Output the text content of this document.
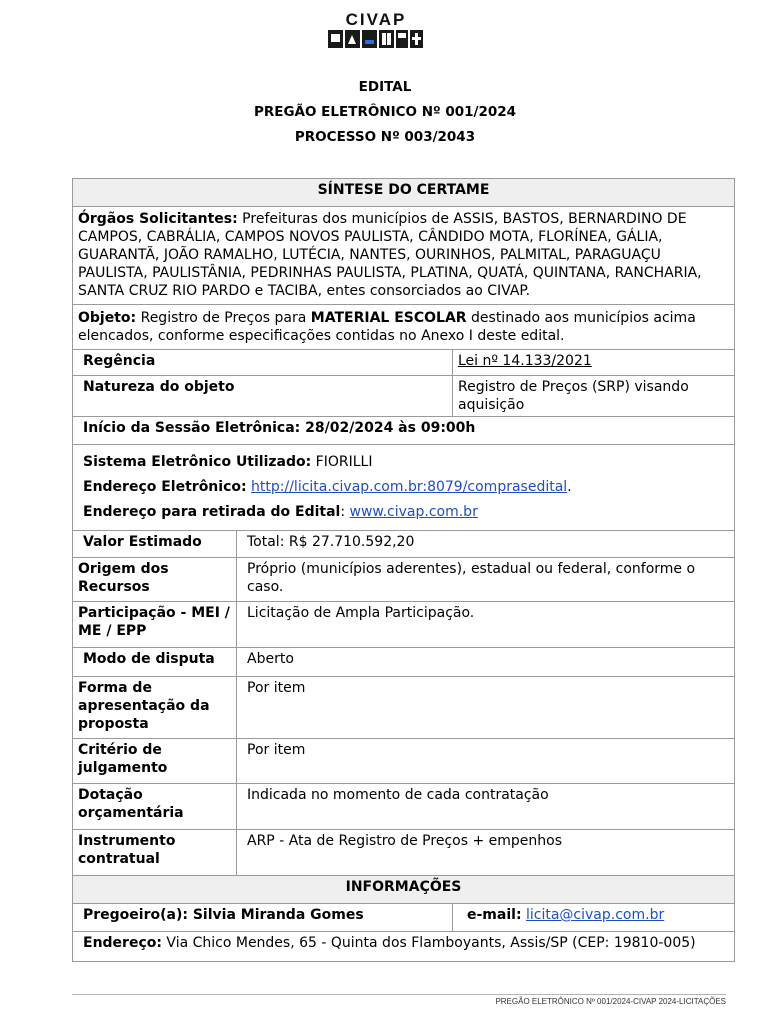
CIVAP
EDITAL
PREGÃO ELETRÔNICO Nº 001/2024
PROCESSO Nº 003/2043
SÍNTESE DO CERTAME		
Órgãos Solicitantes: Prefeituras dos municípios de ASSIS, BASTOS, BERNARDINO DE CAMPOS, CABRÁLIA, CAMPOS NOVOS PAULISTA, CÂNDIDO MOTA, FLORÍNEA, GÁLIA, GUARANTÃ, JOÃO RAMALHO, LUTÉCIA, NANTES, OURINHOS, PALMITAL, PARAGUAÇU PAULISTA, PAULISTÂNIA, PEDRINHAS PAULISTA, PLATINA, QUATÁ, QUINTANA, RANCHARIA, SANTA CRUZ RIO PARDO e TACIBA, entes consorciados ao CIVAP.		
Objeto: Registro de Preços para MATERIAL ESCOLAR destinado aos municípios acima elencados, conforme especificações contidas no Anexo I deste edital.		
Regência		Lei nº 14.133/2021
Natureza do objeto		Registro de Preços (SRP) visando aquisição
Início da Sessão Eletrônica: 28/02/2024 às 09:00h		

Sistema Eletrônico Utilizado: FIORILLI
Endereço Eletrônico: http://licita.civap.com.br:8079/comprasedital.
Endereço para retirada do Edital: www.civap.com.br		

Valor Estimado	Total: R$ 27.710.592,20	
Origem dos Recursos	Próprio (municípios aderentes), estadual ou federal, conforme o caso.	
Participação - MEI / ME / EPP	Licitação de Ampla Participação.	
Modo de disputa	Aberto	
Forma de apresentação da proposta	Por item	
Critério de julgamento	Por item	
Dotação orçamentária	Indicada no momento de cada contratação	
Instrumento contratual	ARP - Ata de Registro de Preços + empenhos	
INFORMAÇÕES		
Pregoeiro(a): Silvia Miranda Gomes		e-mail: licita@civap.com.br
Endereço: Via Chico Mendes, 65 - Quinta dos Flamboyants, Assis/SP (CEP: 19810-005)		
PREGÃO ELETRÔNICO Nº 001/2024-CIVAP 2024-LICITAÇÕES
